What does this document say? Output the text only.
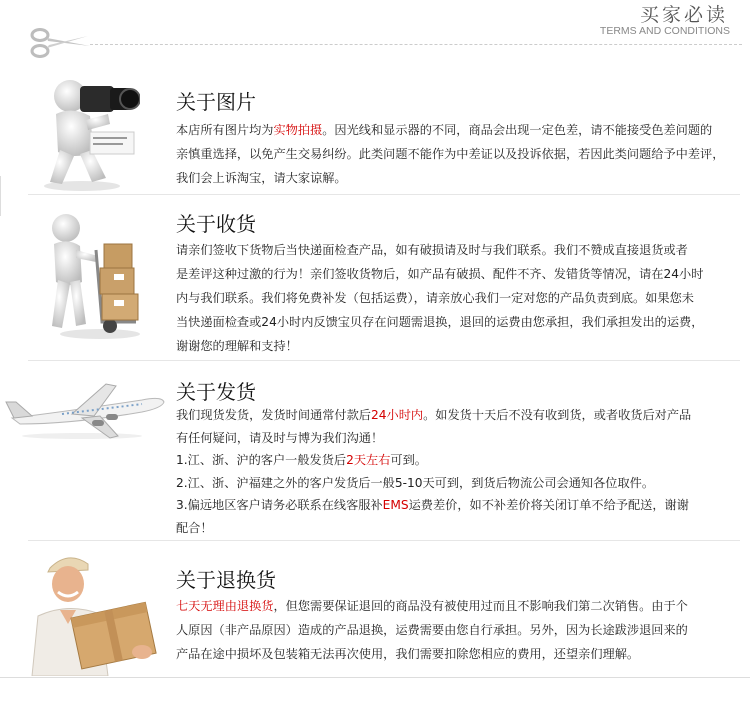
买家必读
TERMS AND CONDITIONS
关于图片
本店所有图片均为实物拍摄。因光线和显示器的不同，商品会出现一定色差，请不能接受色差问题的
亲慎重选择，以免产生交易纠纷。此类问题不能作为中差证以及投诉依据，若因此类问题给予中差评，
我们会上诉淘宝，请大家谅解。
关于收货
请亲们签收下货物后当快递面检查产品，如有破损请及时与我们联系。我们不赞成直接退货或者
是差评这种过激的行为！亲们签收货物后，如产品有破损、配件不齐、发错货等情况，请在24小时
内与我们联系。我们将免费补发（包括运费），请亲放心我们一定对您的产品负责到底。如果您未
当快递面检查或24小时内反馈宝贝存在问题需退换，退回的运费由您承担，我们承担发出的运费，
谢谢您的理解和支持！
关于发货
我们现货发货，发货时间通常付款后24小时内。如发货十天后不没有收到货，或者收货后对产品
有任何疑问，请及时与博为我们沟通！
1.江、浙、沪的客户一般发货后2天左右可到。
2.江、浙、沪福建之外的客户发货后一般5-10天可到，到货后物流公司会通知各位取件。
3.偏远地区客户请务必联系在线客服补EMS运费差价，如不补差价将关闭订单不给予配送，谢谢
配合！
关于退换货
七天无理由退换货，但您需要保证退回的商品没有被使用过而且不影响我们第二次销售。由于个
人原因（非产品原因）造成的产品退换，运费需要由您自行承担。另外，因为长途跋涉退回来的
产品在途中损坏及包装箱无法再次使用，我们需要扣除您相应的费用，还望亲们理解。
